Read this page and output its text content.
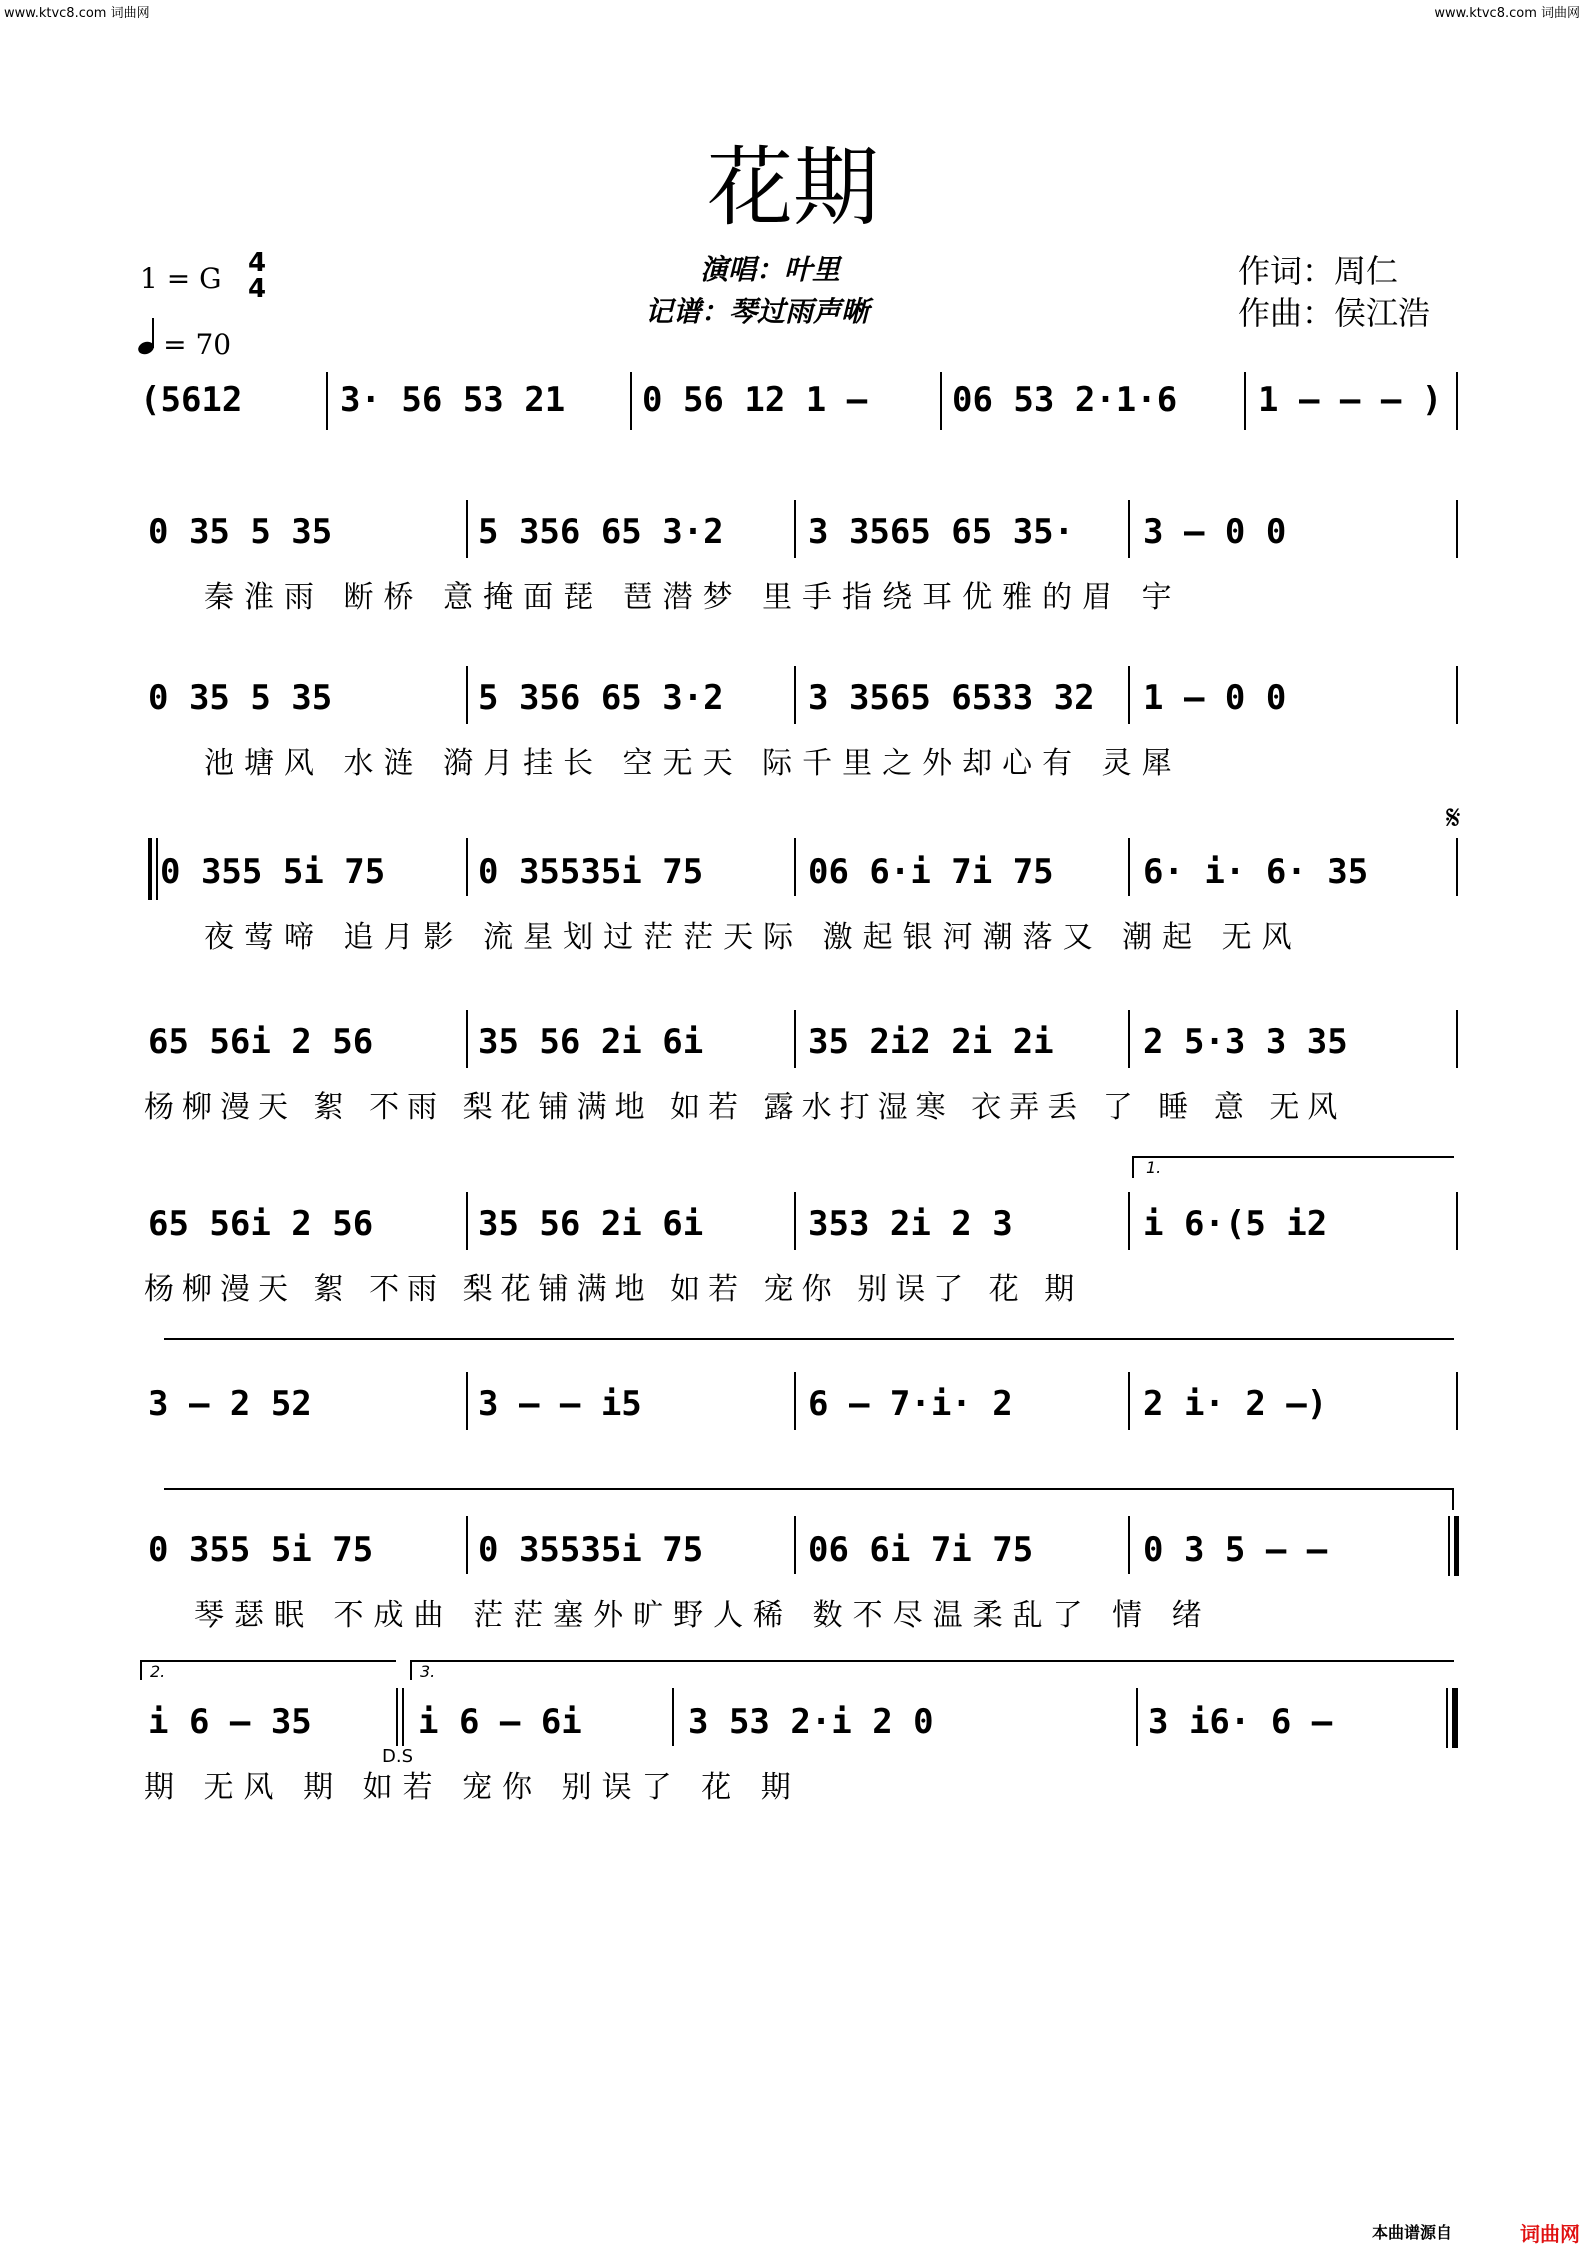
www.ktvc8.com 词曲网	www.ktvc8.com 词曲网
花期
1 = G 4
4
= 70
演唱：叶里
记谱：琴过雨声晰
作词：周仁
作曲：侯江浩
𝄋
D.S
(5612	3· 56 53 21 0 56 12 1 – 06 53 2·1·6 1 – – – )
0 35 5 35	5 356 65 3·2 3 3565 65 35· 3 – 0 0
秦淮雨 断桥 意掩面琵 琶潜梦 里手指绕耳优雅的眉 宇
0 35 5 35	5 356 65 3·2 3 3565 6533 32 1 – 0 0
池塘风 水涟 漪月挂长 空无天 际千里之外却心有 灵犀
0 355 5i 75	0 35535i 75	06 6·i 7i 75	6· i· 6· 35
夜莺啼 追月影 流星划过茫茫天际 激起银河潮落又 潮起 无风
65 56i 2 56	35 56 2i 6i	35 2i2 2i 2i	2 5·3 3 35
杨柳漫天 絮 不雨 梨花铺满地 如若 露水打湿寒 衣弄丢 了 睡 意 无风
1.
65 56i 2 56	35 56 2i 6i	353 2i 2 3	i 6·(5 i2
杨柳漫天 絮 不雨 梨花铺满地 如若 宠你 别误了 花 期
3 – 2 52	3 – – i5	6 – 7·i· 2	2 i· 2 –)
0 355 5i 75	0 35535i 75	06 6i 7i 75	0 3 5 – –
琴瑟眠 不成曲 茫茫塞外旷野人稀 数不尽温柔乱了 情 绪
2.	3.
i 6 – 35	i 6 – 6i	3 53 2·i 2 0	3 i6· 6 –
期 无风 期 如若 宠你 别误了 花 期
本曲谱源自	词曲网
